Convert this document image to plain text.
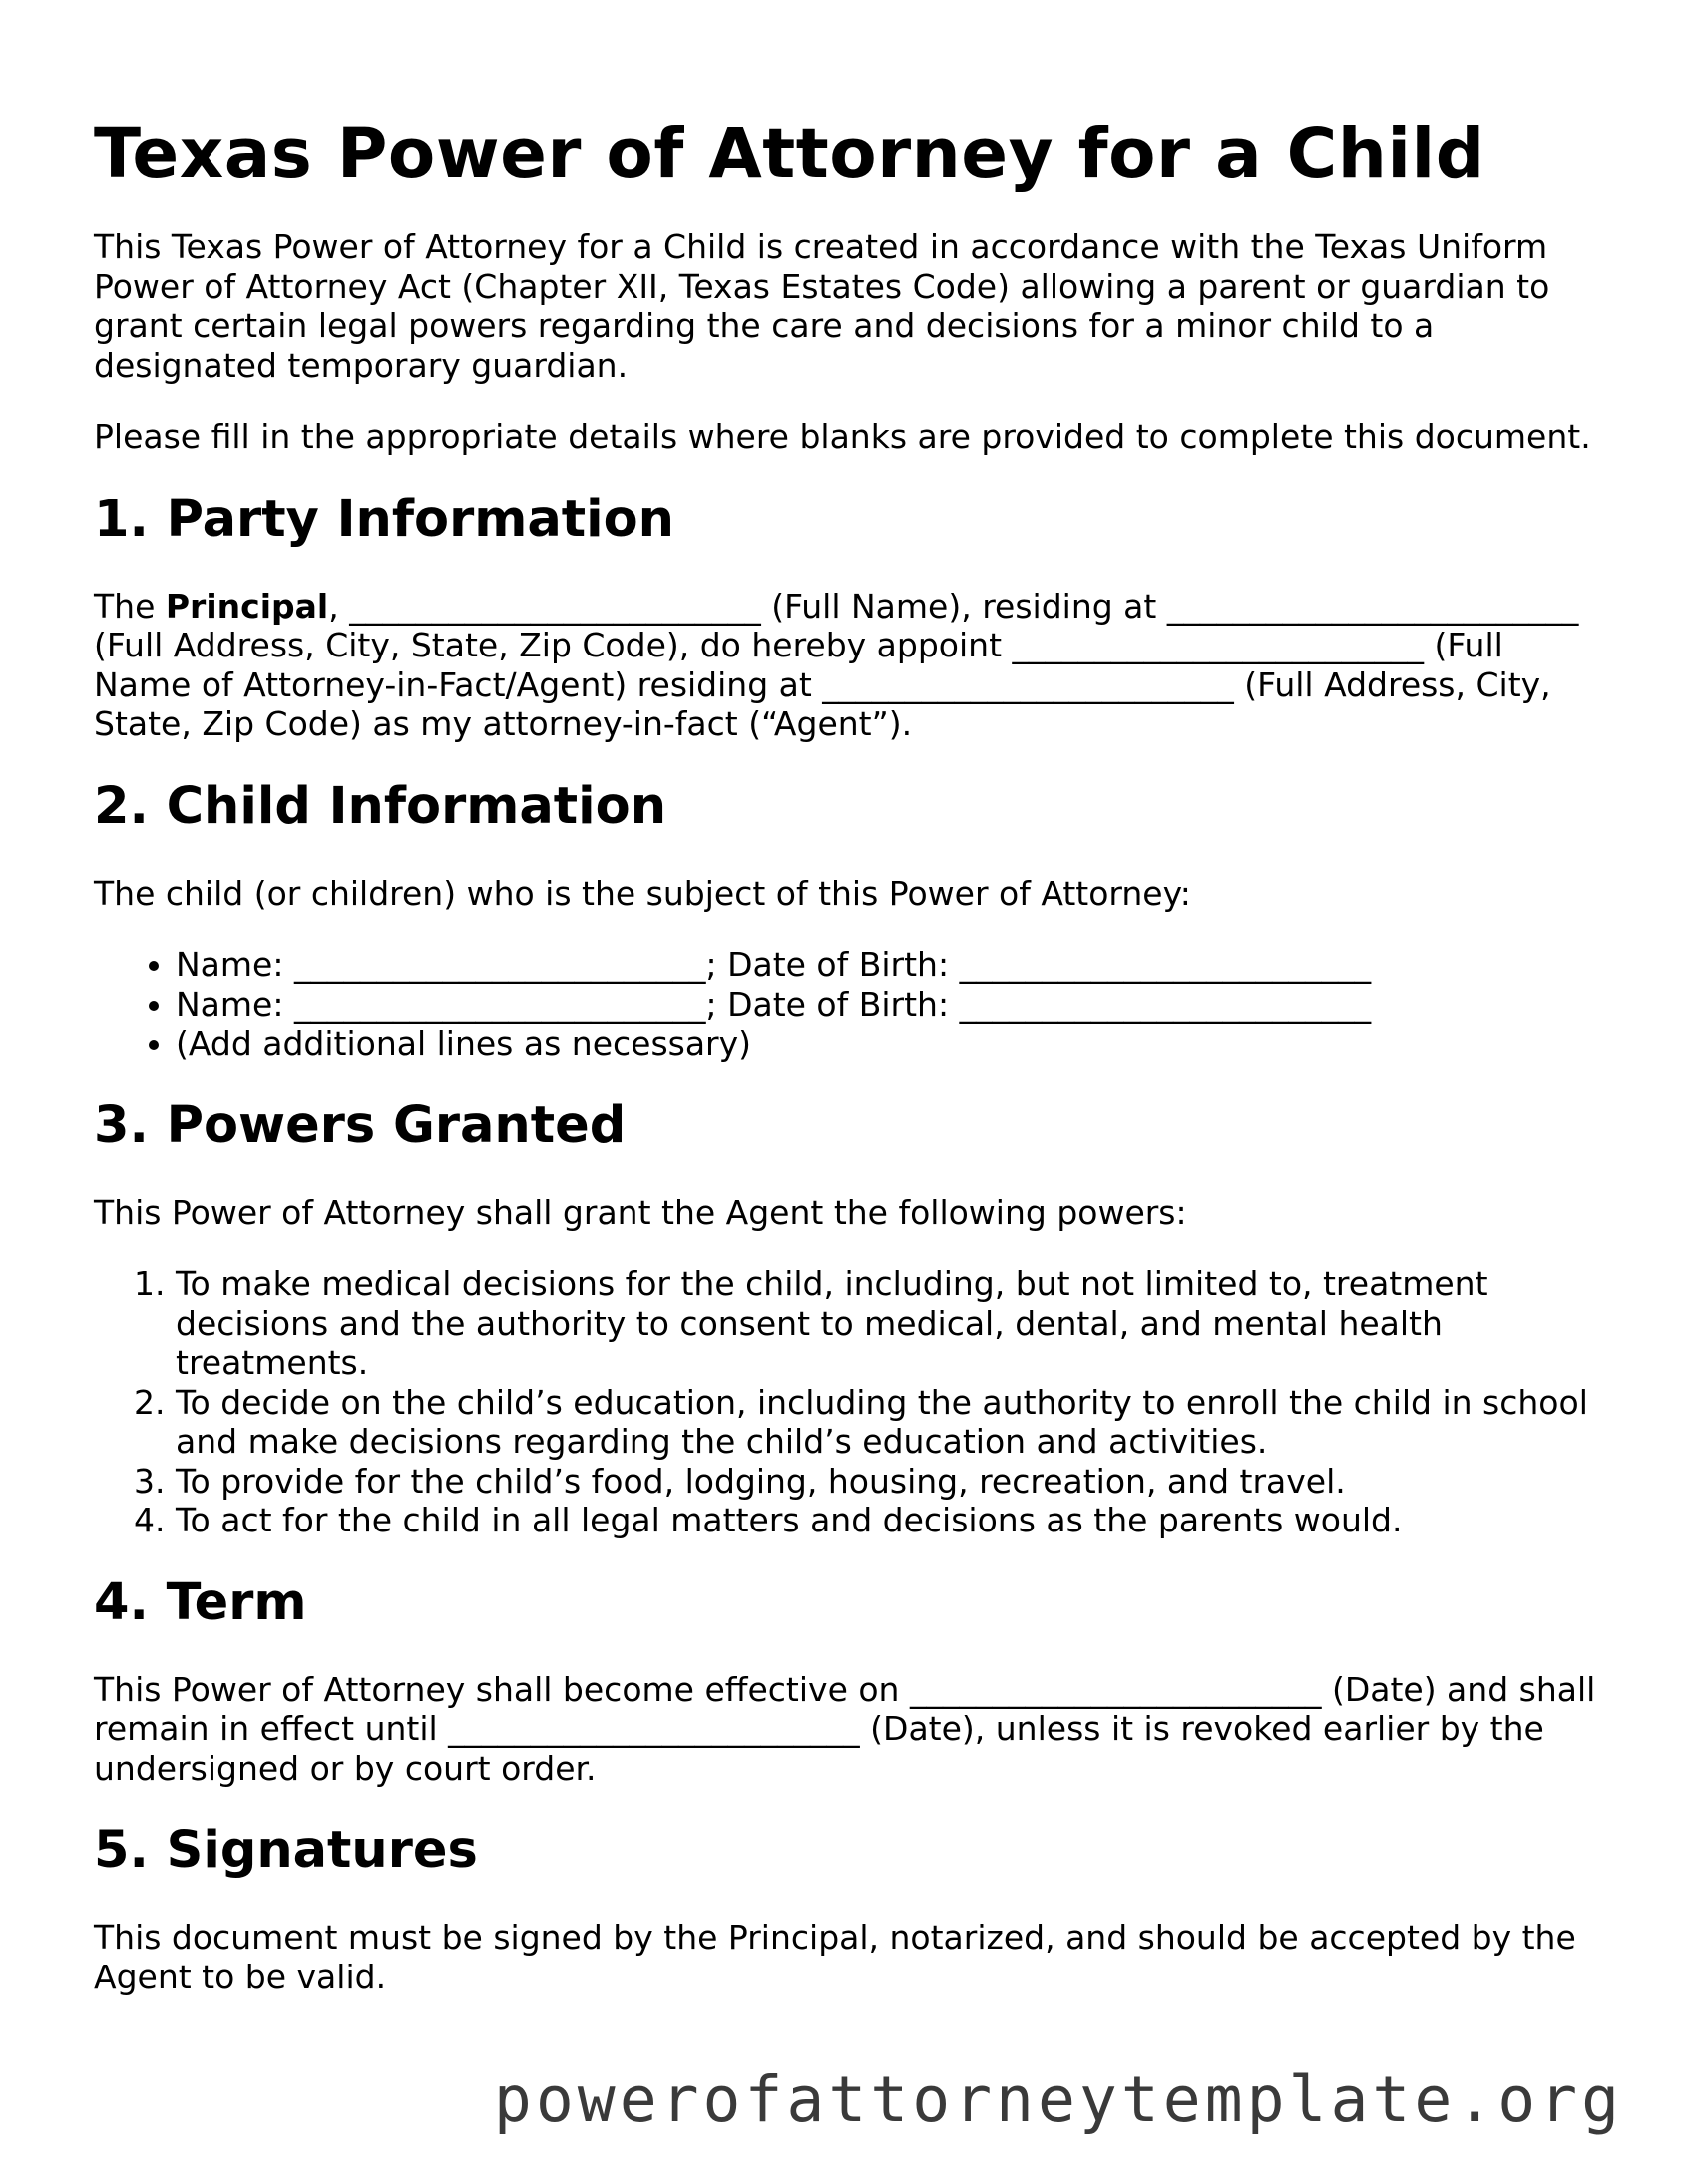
Texas Power of Attorney for a Child

This Texas Power of Attorney for a Child is created in accordance with the Texas Uniform Power of Attorney Act (Chapter XII, Texas Estates Code) allowing a parent or guardian to grant certain legal powers regarding the care and decisions for a minor child to a designated temporary guardian.

Please fill in the appropriate details where blanks are provided to complete this document.

1. Party Information

The Principal, _________________________ (Full Name), residing at _________________________ (Full Address, City, State, Zip Code), do hereby appoint _________________________ (Full Name of Attorney-in-Fact/Agent) residing at _________________________ (Full Address, City, State, Zip Code) as my attorney-in-fact (“Agent”).

2. Child Information

The child (or children) who is the subject of this Power of Attorney:

• Name: _________________________; Date of Birth: _________________________
• Name: _________________________; Date of Birth: _________________________
• (Add additional lines as necessary)
3. Powers Granted

This Power of Attorney shall grant the Agent the following powers:

1. To make medical decisions for the child, including, but not limited to, treatment decisions and the authority to consent to medical, dental, and mental health treatments.
2. To decide on the child’s education, including the authority to enroll the child in school and make decisions regarding the child’s education and activities.
3. To provide for the child’s food, lodging, housing, recreation, and travel.
4. To act for the child in all legal matters and decisions as the parents would.
4. Term

This Power of Attorney shall become effective on _________________________ (Date) and shall remain in effect until _________________________ (Date), unless it is revoked earlier by the undersigned or by court order.

5. Signatures

This document must be signed by the Principal, notarized, and should be accepted by the Agent to be valid.

powerofattorneytemplate.org
